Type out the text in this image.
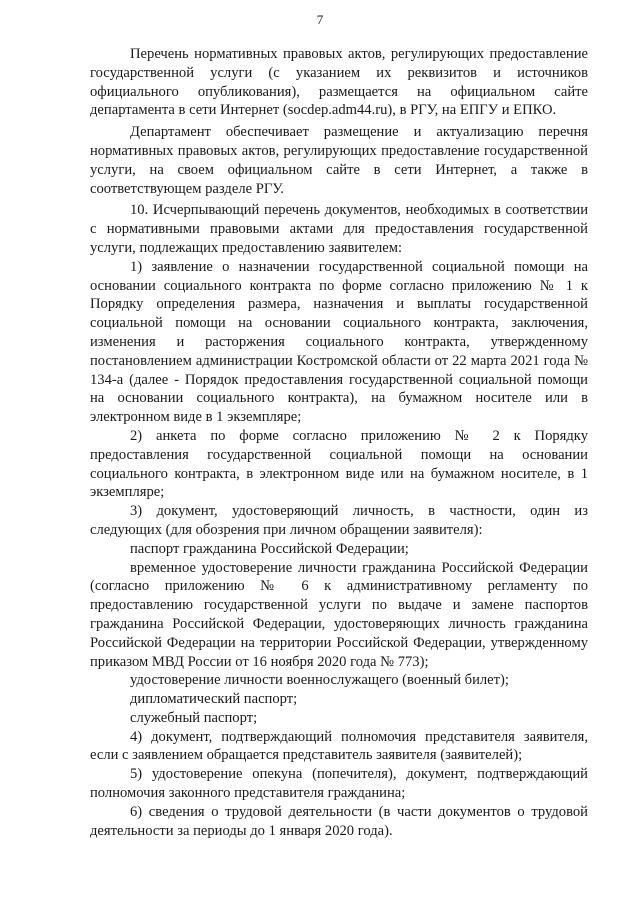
7

Перечень нормативных правовых актов, регулирующих предоставление государственной услуги (с указанием их реквизитов и источников официального опубликования), размещается на официальном сайте департамента в сети Интернет (socdep.adm44.ru), в РГУ, на ЕПГУ и ЕПКО.

Департамент обеспечивает размещение и актуализацию перечня нормативных правовых актов, регулирующих предоставление государственной услуги, на своем официальном сайте в сети Интернет, а также в соответствующем разделе РГУ.

10. Исчерпывающий перечень документов, необходимых в соответствии с нормативными правовыми актами для предоставления государственной услуги, подлежащих предоставлению заявителем:

1) заявление о назначении государственной социальной помощи на основании социального контракта по форме согласно приложению № 1 к Порядку определения размера, назначения и выплаты государственной социальной помощи на основании социального контракта, заключения, изменения и расторжения социального контракта, утвержденному постановлением администрации Костромской области от 22 марта 2021 года № 134-а (далее - Порядок предоставления государственной социальной помощи на основании социального контракта), на бумажном носителе или в электронном виде в 1 экземпляре;

2) анкета по форме согласно приложению № 2 к Порядку предоставления государственной социальной помощи на основании социального контракта, в электронном виде или на бумажном носителе, в 1 экземпляре;

3) документ, удостоверяющий личность, в частности, один из следующих (для обозрения при личном обращении заявителя):

паспорт гражданина Российской Федерации;

временное удостоверение личности гражданина Российской Федерации (согласно приложению № 6 к административному регламенту по предоставлению государственной услуги по выдаче и замене паспортов гражданина Российской Федерации, удостоверяющих личность гражданина Российской Федерации на территории Российской Федерации, утвержденному приказом МВД России от 16 ноября 2020 года № 773);

удостоверение личности военнослужащего (военный билет);

дипломатический паспорт;

служебный паспорт;

4) документ, подтверждающий полномочия представителя заявителя, если с заявлением обращается представитель заявителя (заявителей);

5) удостоверение опекуна (попечителя), документ, подтверждающий полномочия законного представителя гражданина;

6) сведения о трудовой деятельности (в части документов о трудовой деятельности за периоды до 1 января 2020 года).
